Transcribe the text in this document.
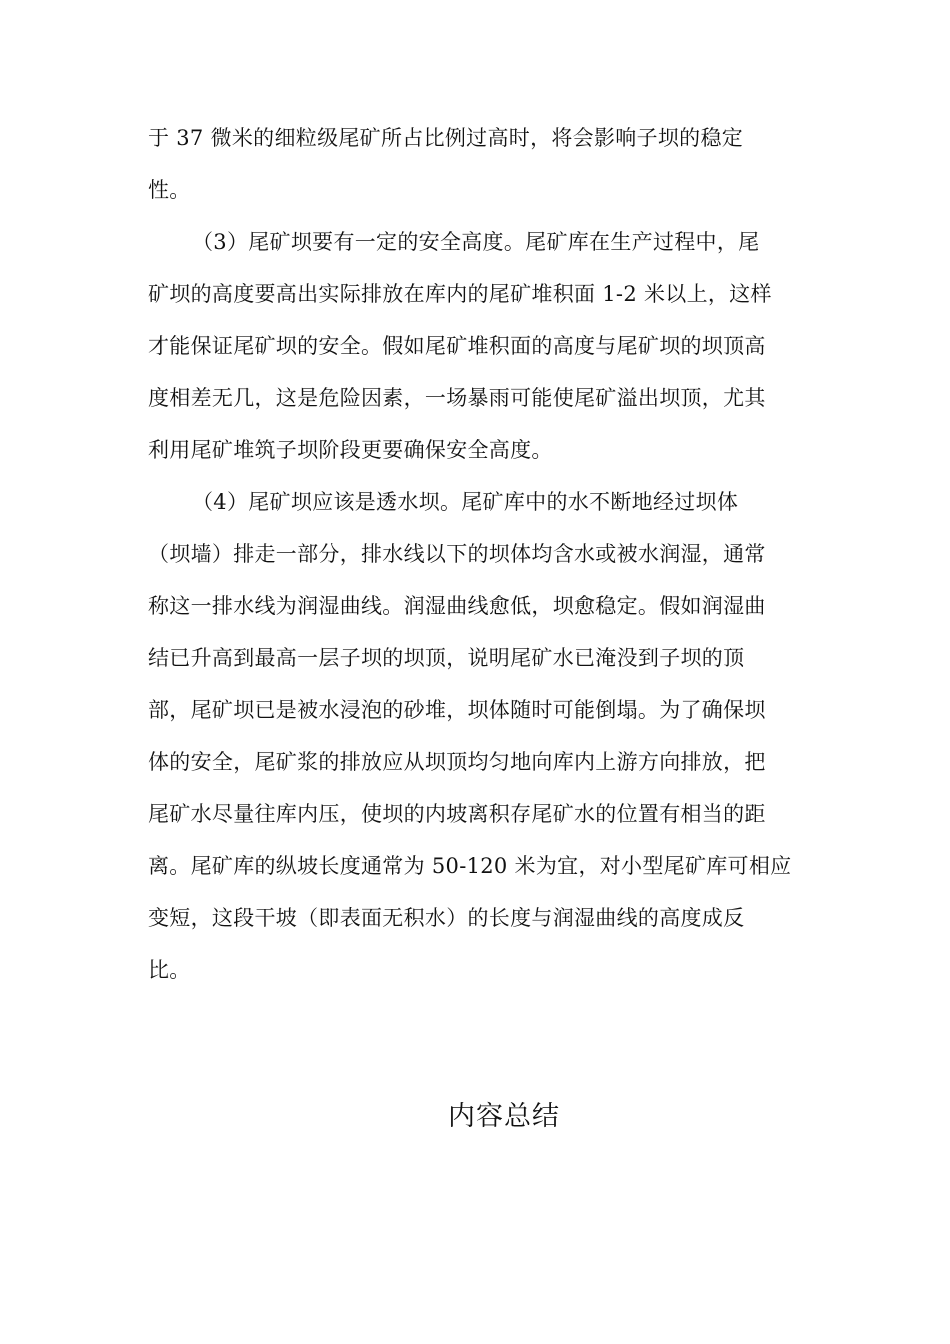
于 37 微米的细粒级尾矿所占比例过高时，将会影响子坝的稳定
性。
（3）尾矿坝要有一定的安全高度。尾矿库在生产过程中，尾
矿坝的高度要高出实际排放在库内的尾矿堆积面 1-2 米以上，这样
才能保证尾矿坝的安全。假如尾矿堆积面的高度与尾矿坝的坝顶高
度相差无几，这是危险因素，一场暴雨可能使尾矿溢出坝顶，尤其
利用尾矿堆筑子坝阶段更要确保安全高度。
（4）尾矿坝应该是透水坝。尾矿库中的水不断地经过坝体
（坝墙）排走一部分，排水线以下的坝体均含水或被水润湿，通常
称这一排水线为润湿曲线。润湿曲线愈低，坝愈稳定。假如润湿曲
结已升高到最高一层子坝的坝顶，说明尾矿水已淹没到子坝的顶
部，尾矿坝已是被水浸泡的砂堆，坝体随时可能倒塌。为了确保坝
体的安全，尾矿浆的排放应从坝顶均匀地向库内上游方向排放，把
尾矿水尽量往库内压，使坝的内坡离积存尾矿水的位置有相当的距
离。尾矿库的纵坡长度通常为 50-120 米为宜，对小型尾矿库可相应
变短，这段干坡（即表面无积水）的长度与润湿曲线的高度成反
比。
内容总结
